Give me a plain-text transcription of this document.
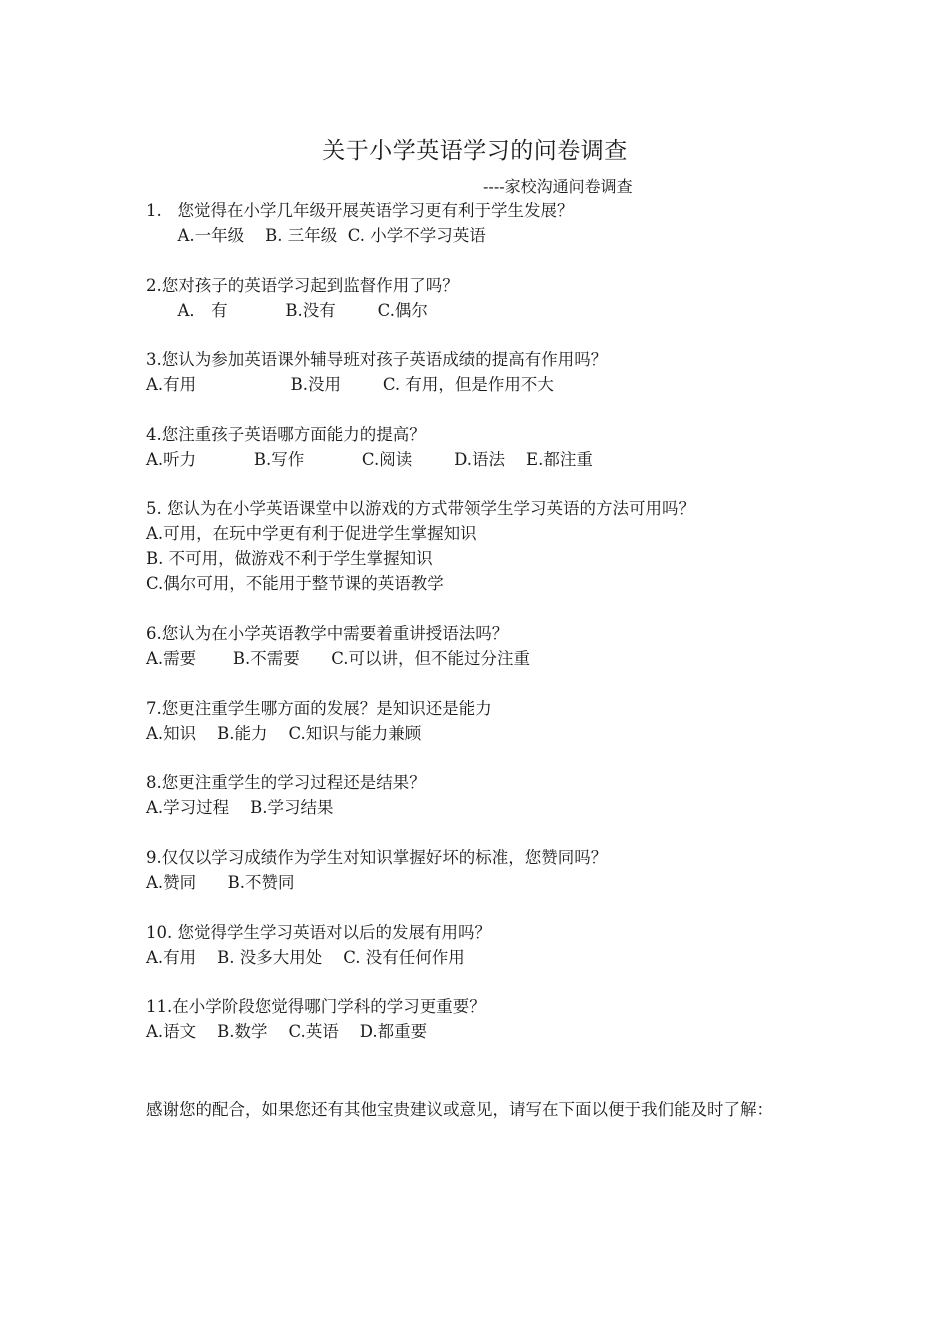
关于小学英语学习的问卷调查
----家校沟通问卷调查

1.   您觉得在小学几年级开展英语学习更有利于学生发展？

A.一年级    B. 三年级  C. 小学不学习英语

2.您对孩子的英语学习起到监督作用了吗？

A． 有           B.没有        C.偶尔

3.您认为参加英语课外辅导班对孩子英语成绩的提高有作用吗？

A.有用                  B.没用        C. 有用，但是作用不大

4.您注重孩子英语哪方面能力的提高？

A.听力           B.写作           C.阅读        D.语法    E.都注重

5. 您认为在小学英语课堂中以游戏的方式带领学生学习英语的方法可用吗？

A.可用，在玩中学更有利于促进学生掌握知识

B. 不可用，做游戏不利于学生掌握知识

C.偶尔可用，不能用于整节课的英语教学

6.您认为在小学英语教学中需要着重讲授语法吗？

A.需要       B.不需要      C.可以讲，但不能过分注重

7.您更注重学生哪方面的发展？是知识还是能力

A.知识    B.能力    C.知识与能力兼顾

8.您更注重学生的学习过程还是结果？

A.学习过程    B.学习结果

9.仅仅以学习成绩作为学生对知识掌握好坏的标准，您赞同吗？

A.赞同      B.不赞同

10. 您觉得学生学习英语对以后的发展有用吗？

A.有用    B. 没多大用处    C. 没有任何作用

11.在小学阶段您觉得哪门学科的学习更重要？

A.语文    B.数学    C.英语    D.都重要

感谢您的配合，如果您还有其他宝贵建议或意见，请写在下面以便于我们能及时了解：
